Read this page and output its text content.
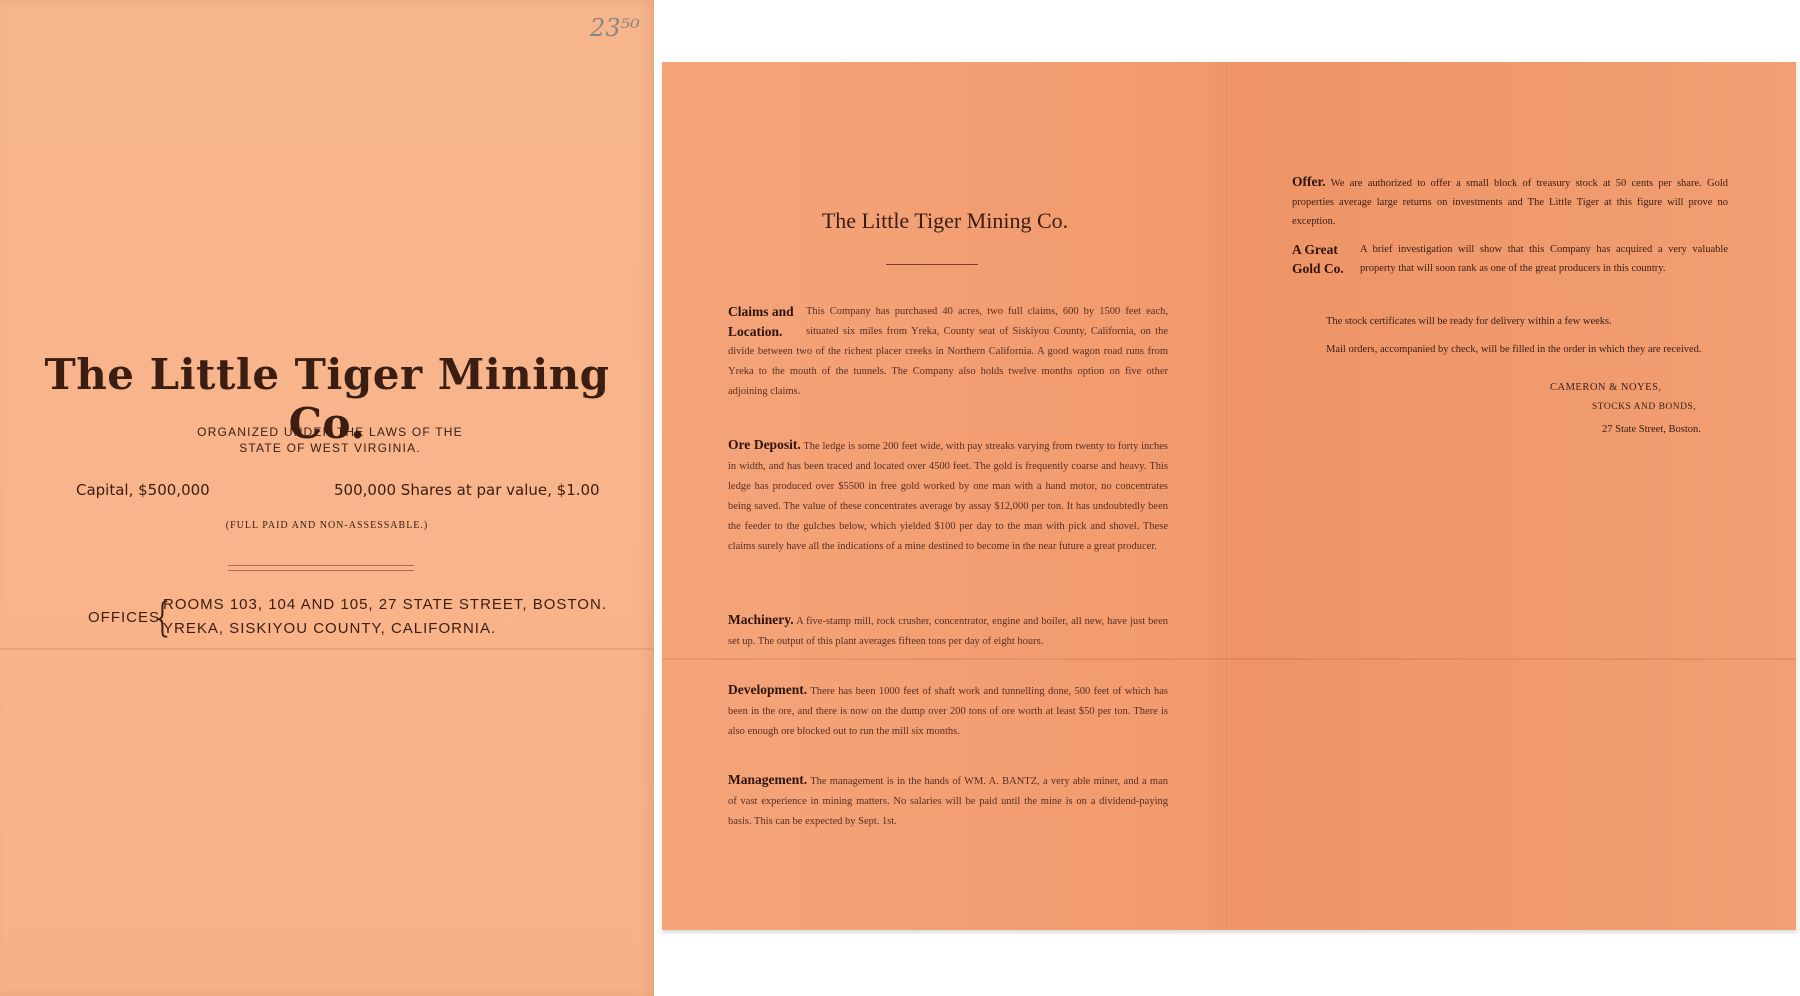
23⁵⁰
The Little Tiger Mining Co.
ORGANIZED UNDER THE LAWS OF THE
STATE OF WEST VIRGINIA.
Capital, $500,000	500,000 Shares at par value, $1.00
(FULL PAID AND NON-ASSESSABLE.)
OFFICES
{
ROOMS 103, 104 AND 105, 27 STATE STREET, BOSTON.
YREKA, SISKIYOU COUNTY, CALIFORNIA.
The Little Tiger Mining Co.
Claims and
Location.
This Company has purchased 40 acres, two full claims, 600 by 1500 feet each, situated six miles from Yreka, County seat of Siskiyou County, California, on the divide between two of the richest placer creeks in Northern California. A good wagon road runs from Yreka to the mouth of the tunnels. The Company also holds twelve months option on five other adjoining claims.
Ore Deposit. The ledge is some 200 feet wide, with pay streaks varying from twenty to forty inches in width, and has been traced and located over 4500 feet. The gold is frequently coarse and heavy. This ledge has produced over $5500 in free gold worked by one man with a hand motor, no concentrates being saved. The value of these concentrates average by assay $12,000 per ton. It has undoubtedly been the feeder to the gulches below, which yielded $100 per day to the man with pick and shovel. These claims surely have all the indications of a mine destined to become in the near future a great producer.
Machinery. A five-stamp mill, rock crusher, concentrator, engine and boiler, all new, have just been set up. The output of this plant averages fifteen tons per day of eight hours.
Development. There has been 1000 feet of shaft work and tunnelling done, 500 feet of which has been in the ore, and there is now on the dump over 200 tons of ore worth at least $50 per ton. There is also enough ore blocked out to run the mill six months.
Management. The management is in the hands of WM. A. BANTZ, a very able miner, and a man of vast experience in mining matters. No salaries will be paid until the mine is on a dividend-paying basis. This can be expected by Sept. 1st.

Offer. We are authorized to offer a small block of treasury stock at 50 cents per share. Gold properties average large returns on investments and The Little Tiger at this figure will prove no exception.
A Great
Gold Co.
A brief investigation will show that this Company has acquired a very valuable property that will soon rank as one of the great producers in this country.
The stock certificates will be ready for delivery within a few weeks.
Mail orders, accompanied by check, will be filled in the order in which they are received.
CAMERON & NOYES,
STOCKS AND BONDS,
27 State Street, Boston.
